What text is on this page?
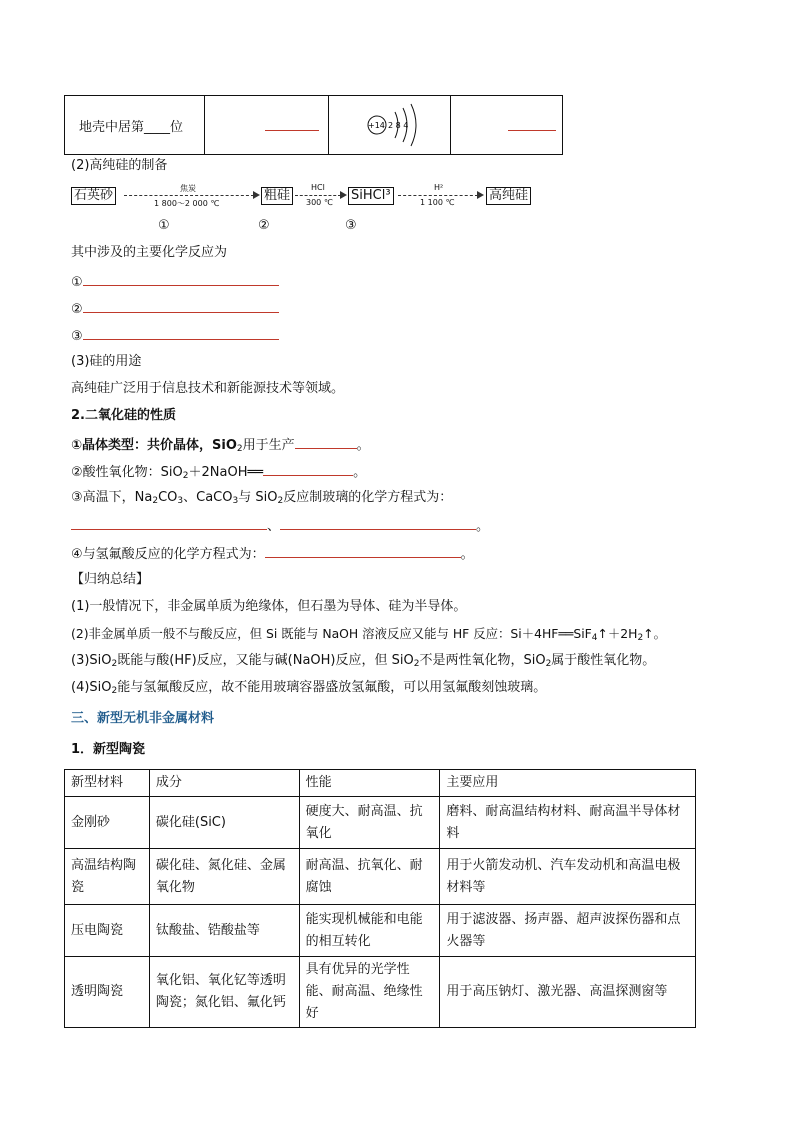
地壳中居第____位	+14 2 8 4
(2)高纯硅的制备
石英砂	焦炭
1 800～2 000 ℃
粗硅
HCl
300 ℃ SiHCl³
H²
1 100 ℃	高纯硅
①	②	③
其中涉及的主要化学反应为
①
②
③
(3)硅的用途
高纯硅广泛用于信息技术和新能源技术等领域。
2.二氧化硅的性质
①晶体类型：共价晶体，SiO$_2$用于生产	。
②酸性氧化物：SiO$_2$＋2NaOH══	。
③高温下，$Na_2CO_3$、CaCO$_3$与 SiO$_2$反应制玻璃的化学方程式为：
、	。
④与氢氟酸反应的化学方程式为：	。
【归纳总结】
(1)一般情况下，非金属单质为绝缘体，但石墨为导体、硅为半导体。
(2)非金属单质一般不与酸反应，但 Si 既能与 NaOH 溶液反应又能与 HF 反应：$Si+4HF══SiF_4↑+2H_2↑$。
(3)SiO$_2$既能与酸(HF)反应，又能与碱(NaOH)反应，但 SiO$_2$不是两性氧化物，SiO$_2$属于酸性氧化物。
(4)SiO$_2$能与氢氟酸反应，故不能用玻璃容器盛放氢氟酸，可以用氢氟酸刻蚀玻璃。
三、新型无机非金属材料
1．新型陶瓷
新型材料	成分	性能	主要应用
金刚砂	碳化硅(SiC)	硬度大、耐高温、抗氧化	磨料、耐高温结构材料、耐高温半导体材料
高温结构陶瓷	碳化硅、氮化硅、金属氧化物	耐高温、抗氧化、耐腐蚀	用于火箭发动机、汽车发动机和高温电极材料等
压电陶瓷	钛酸盐、锆酸盐等	能实现机械能和电能的相互转化	用于滤波器、扬声器、超声波探伤器和点火器等
透明陶瓷	氧化铝、氧化钇等透明陶瓷；氮化铝、氟化钙	具有优异的光学性能、耐高温、绝缘性好	用于高压钠灯、激光器、高温探测窗等
